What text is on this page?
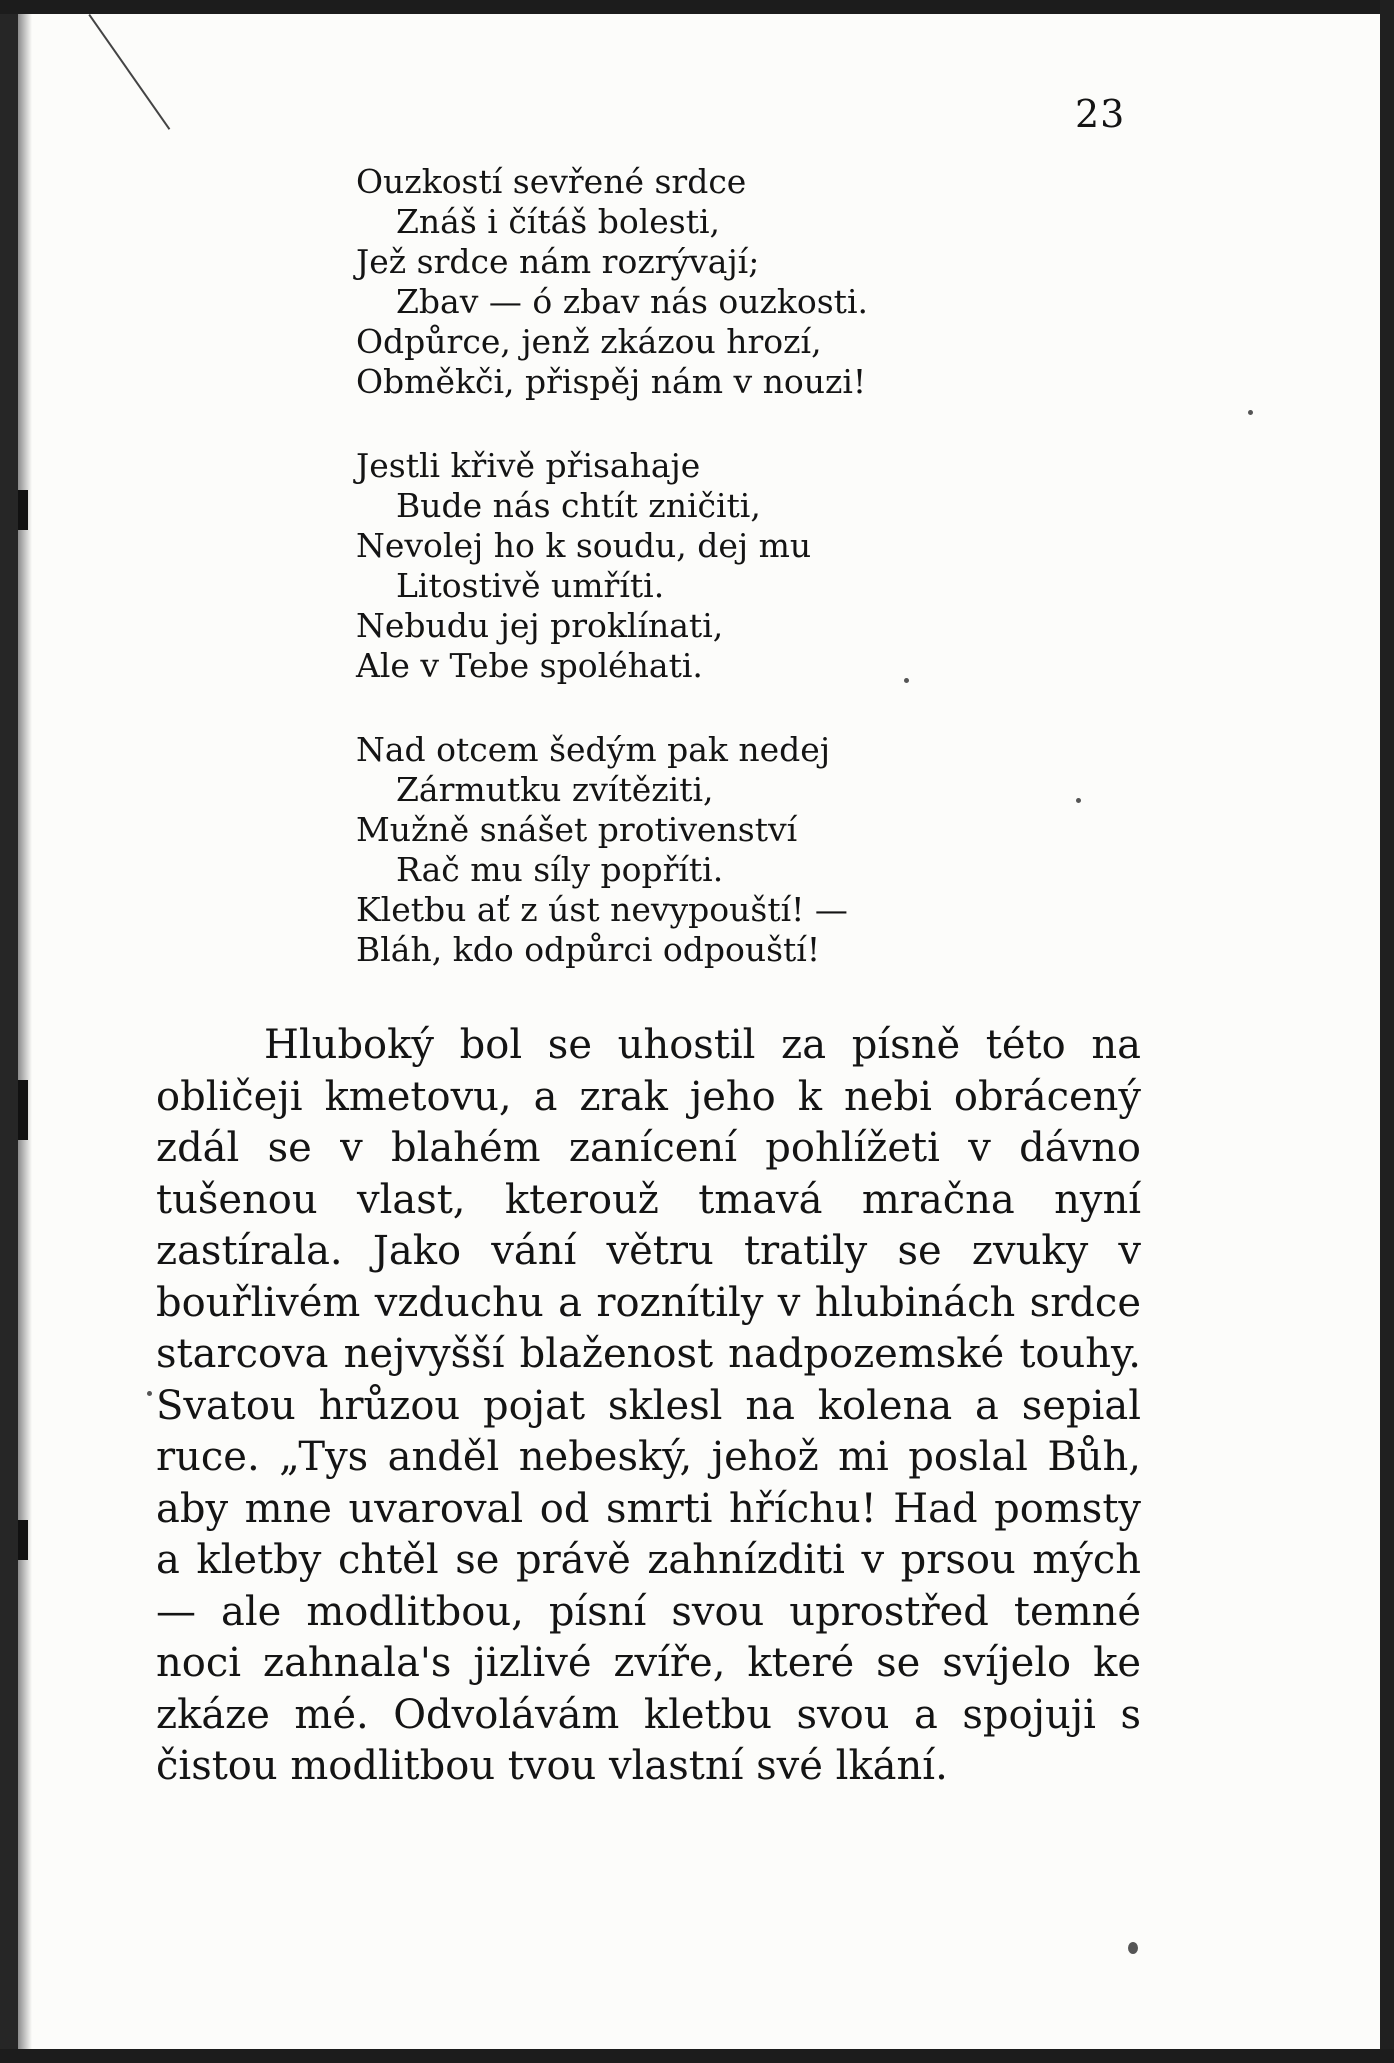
23
Ouzkostí sevřené srdce
Znáš i čítáš bolesti,
Jež srdce nám rozrývají;
Zbav — ó zbav nás ouzkosti.
Odpůrce, jenž zkázou hrozí,
Obměkči, přispěj nám v nouzi!
Jestli křivě přisahaje
Bude nás chtít zničiti,
Nevolej ho k soudu, dej mu
Litostivě umříti.
Nebudu jej proklínati,
Ale v Tebe spoléhati.
Nad otcem šedým pak nedej
Zármutku zvítěziti,
Mužně snášet protivenství
Rač mu síly popříti.
Kletbu ať z úst nevypouští! —
Bláh, kdo odpůrci odpouští!

Hluboký bol se uhostil za písně této na obličeji kmetovu, a zrak jeho k nebi obrácený zdál se v blahém zanícení pohlížeti v dávno tušenou vlast, kterouž tmavá mračna nyní zastírala. Jako vání větru tratily se zvuky v bouřlivém vzduchu a roznítily v hlubinách srdce starcova nejvyšší blaženost nadpozemské touhy. Svatou hrůzou pojat sklesl na kolena a sepial ruce. „Tys anděl nebeský, jehož mi poslal Bůh, aby mne uvaroval od smrti hříchu! Had pomsty a kletby chtěl se právě zahnízditi v prsou mých — ale modlitbou, písní svou uprostřed temné noci zahnala's jizlivé zvíře, které se svíjelo ke zkáze mé. Odvolávám kletbu svou a spojuji s čistou modlitbou tvou vlastní své lkání.
